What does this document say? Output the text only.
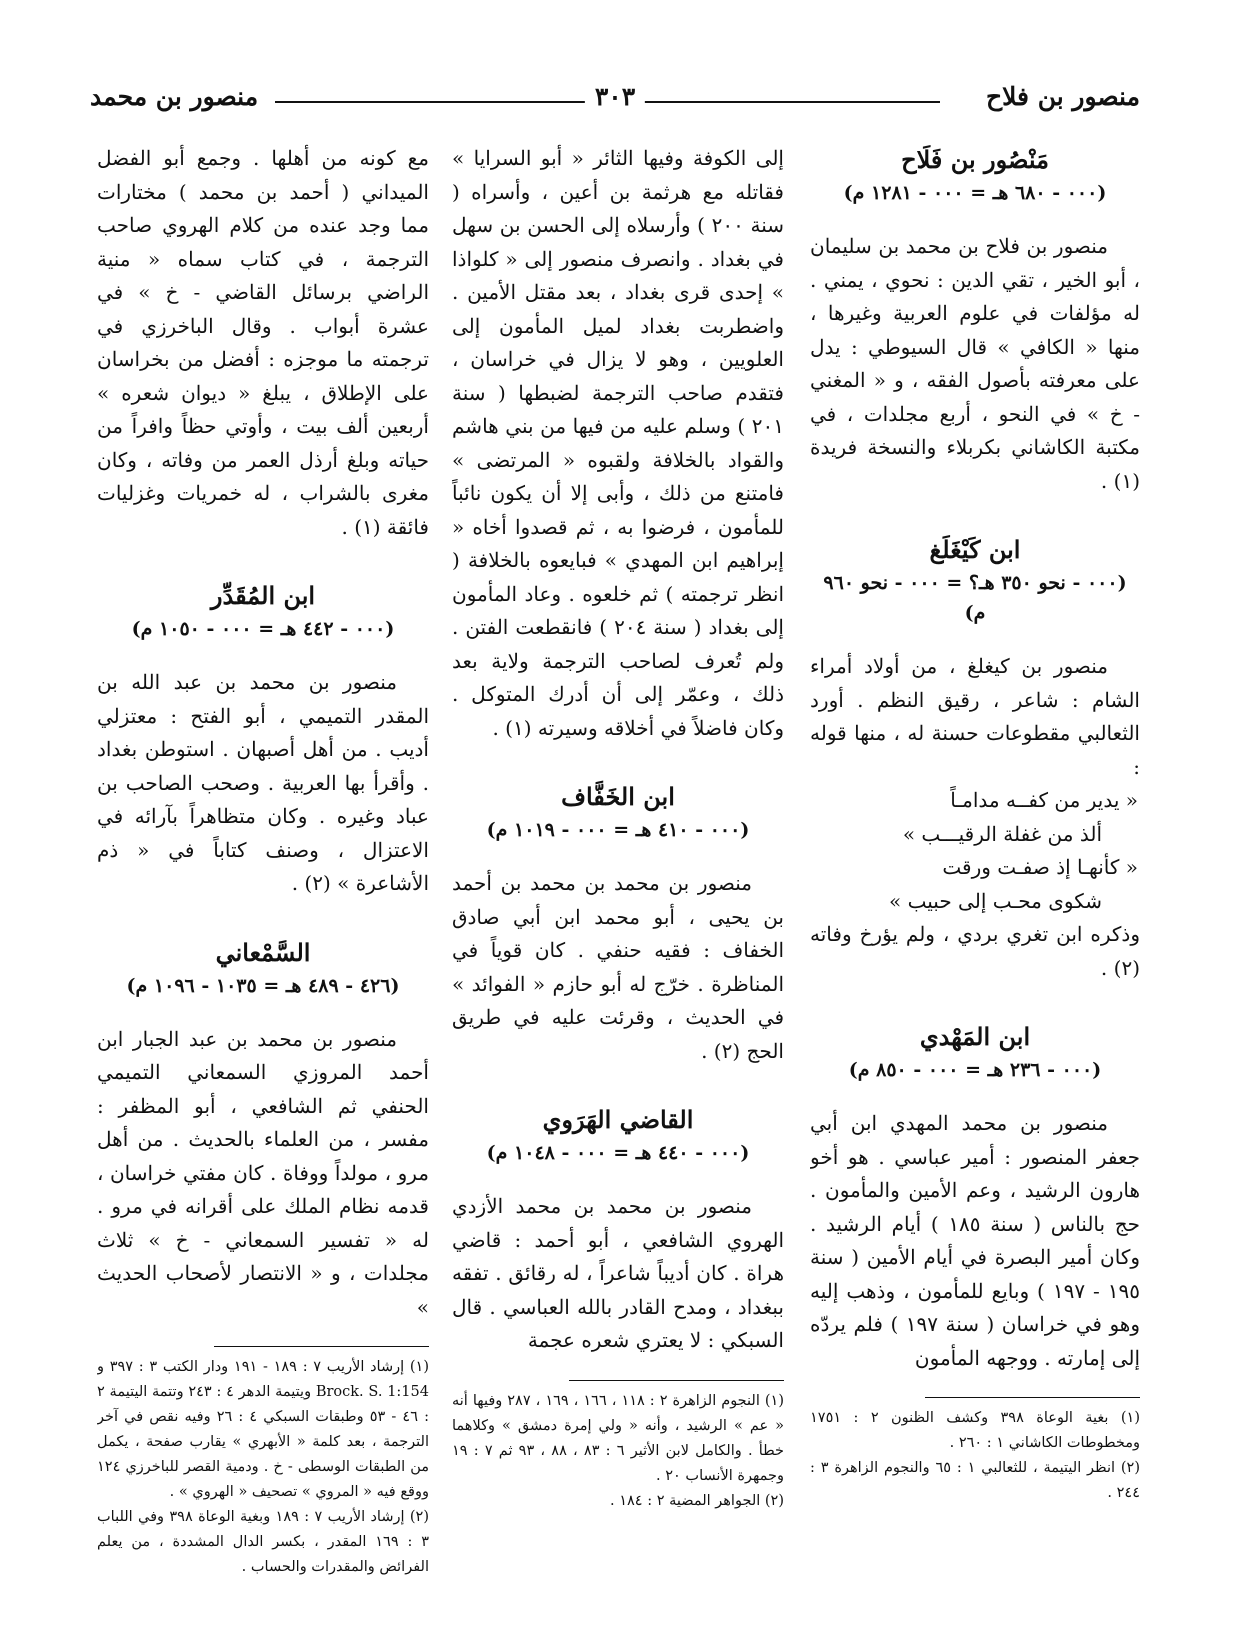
منصور بن فلاح
٣٠٣
منصور بن محمد

مَنْصُور بن فَلَاح

(٠٠٠ - ٦٨٠ هـ = ٠٠٠ - ١٢٨١ م)

منصور بن فلاح بن محمد بن سليمان ، أبو الخير ، تقي الدين : نحوي ، يمني . له مؤلفات في علوم العربية وغيرها ، منها « الكافي » قال السيوطي : يدل على معرفته بأصول الفقه ، و « المغني - خ » في النحو ، أربع مجلدات ، في مكتبة الكاشاني بكربلاء والنسخة فريدة (١) .

ابن كَيْغَلَغ

(٠٠٠ - نحو ٣٥٠ هـ؟ = ٠٠٠ - نحو ٩٦٠ م)

منصور بن كيغلغ ، من أولاد أمراء الشام : شاعر ، رقيق النظم . أورد الثعالبي مقطوعات حسنة له ، منها قوله :

« يدير من كفــه مدامـاً

ألذ من غفلة الرقيـــب »

« كأنهـا إذ صفـت ورقت

شكوى محـب إلى حبيب »

وذكره ابن تغري بردي ، ولم يؤرخ وفاته (٢) .

ابن المَهْدي

(٠٠٠ - ٢٣٦ هـ = ٠٠٠ - ٨٥٠ م)

منصور بن محمد المهدي ابن أبي جعفر المنصور : أمير عباسي . هو أخو هارون الرشيد ، وعم الأمين والمأمون . حج بالناس ( سنة ١٨٥ ) أيام الرشيد . وكان أمير البصرة في أيام الأمين ( سنة ١٩٥ - ١٩٧ ) وبايع للمأمون ، وذهب إليه وهو في خراسان ( سنة ١٩٧ ) فلم يردّه إلى إمارته . ووجهه المأمون

(١) بغية الوعاة ٣٩٨ وكشف الظنون ٢ : ١٧٥١ ومخطوطات الكاشاني ١ : ٢٦٠ .

(٢) انظر اليتيمة ، للثعالبي ١ : ٦٥ والنجوم الزاهرة ٣ : ٢٤٤ .

إلى الكوفة وفيها الثائر « أبو السرايا » فقاتله مع هرثمة بن أعين ، وأسراه ( سنة ٢٠٠ ) وأرسلاه إلى الحسن بن سهل في بغداد . وانصرف منصور إلى « كلواذا » إحدى قرى بغداد ، بعد مقتل الأمين . واضطربت بغداد لميل المأمون إلى العلويين ، وهو لا يزال في خراسان ، فتقدم صاحب الترجمة لضبطها ( سنة ٢٠١ ) وسلم عليه من فيها من بني هاشم والقواد بالخلافة ولقبوه « المرتضى » فامتنع من ذلك ، وأبى إلا أن يكون نائباً للمأمون ، فرضوا به ، ثم قصدوا أخاه « إبراهيم ابن المهدي » فبايعوه بالخلافة ( انظر ترجمته ) ثم خلعوه . وعاد المأمون إلى بغداد ( سنة ٢٠٤ ) فانقطعت الفتن . ولم تُعرف لصاحب الترجمة ولاية بعد ذلك ، وعمّر إلى أن أدرك المتوكل . وكان فاضلاً في أخلاقه وسيرته (١) .

ابن الخَفَّاف

(٠٠٠ - ٤١٠ هـ = ٠٠٠ - ١٠١٩ م)

منصور بن محمد بن محمد بن أحمد بن يحيى ، أبو محمد ابن أبي صادق الخفاف : فقيه حنفي . كان قوياً في المناظرة . خرّج له أبو حازم « الفوائد » في الحديث ، وقرئت عليه في طريق الحج (٢) .

القاضي الهَرَوي

(٠٠٠ - ٤٤٠ هـ = ٠٠٠ - ١٠٤٨ م)

منصور بن محمد بن محمد الأزدي الهروي الشافعي ، أبو أحمد : قاضي هراة . كان أديباً شاعراً ، له رقائق . تفقه ببغداد ، ومدح القادر بالله العباسي . قال السبكي : لا يعتري شعره عجمة

(١) النجوم الزاهرة ٢ : ١١٨ ، ١٦٦ ، ١٦٩ ، ٢٨٧ وفيها أنه « عم » الرشيد ، وأنه « ولي إمرة دمشق » وكلاهما خطأ . والكامل لابن الأثير ٦ : ٨٣ ، ٨٨ ، ٩٣ ثم ٧ : ١٩ وجمهرة الأنساب ٢٠ .

(٢) الجواهر المضية ٢ : ١٨٤ .

مع كونه من أهلها . وجمع أبو الفضل الميداني ( أحمد بن محمد ) مختارات مما وجد عنده من كلام الهروي صاحب الترجمة ، في كتاب سماه « منية الراضي برسائل القاضي - خ » في عشرة أبواب . وقال الباخرزي في ترجمته ما موجزه : أفضل من بخراسان على الإطلاق ، يبلغ « ديوان شعره » أربعين ألف بيت ، وأوتي حظاً وافراً من حياته وبلغ أرذل العمر من وفاته ، وكان مغرى بالشراب ، له خمريات وغزليات فائقة (١) .

ابن المُقَدِّر

(٠٠٠ - ٤٤٢ هـ = ٠٠٠ - ١٠٥٠ م)

منصور بن محمد بن عبد الله بن المقدر التميمي ، أبو الفتح : معتزلي أديب . من أهل أصبهان . استوطن بغداد . وأقرأ بها العربية . وصحب الصاحب بن عباد وغيره . وكان متظاهراً بآرائه في الاعتزال ، وصنف كتاباً في « ذم الأشاعرة » (٢) .

السَّمْعاني

(٤٢٦ - ٤٨٩ هـ = ١٠٣٥ - ١٠٩٦ م)

منصور بن محمد بن عبد الجبار ابن أحمد المروزي السمعاني التميمي الحنفي ثم الشافعي ، أبو المظفر : مفسر ، من العلماء بالحديث . من أهل مرو ، مولداً ووفاة . كان مفتي خراسان ، قدمه نظام الملك على أقرانه في مرو . له « تفسير السمعاني - خ » ثلاث مجلدات ، و « الانتصار لأصحاب الحديث »

(١) إرشاد الأريب ٧ : ١٨٩ - ١٩١ ودار الكتب ٣ : ٣٩٧ و Brock. S. 1:154 ويتيمة الدهر ٤ : ٢٤٣ وتتمة اليتيمة ٢ : ٤٦ - ٥٣ وطبقات السبكي ٤ : ٢٦ وفيه نقص في آخر الترجمة ، بعد كلمة « الأبهري » يقارب صفحة ، يكمل من الطبقات الوسطى - خ . ودمية القصر للباخرزي ١٢٤ ووقع فيه « المروي » تصحيف « الهروي » .

(٢) إرشاد الأريب ٧ : ١٨٩ وبغية الوعاة ٣٩٨ وفي اللباب ٣ : ١٦٩ المقدر ، بكسر الدال المشددة ، من يعلم الفرائض والمقدرات والحساب .
